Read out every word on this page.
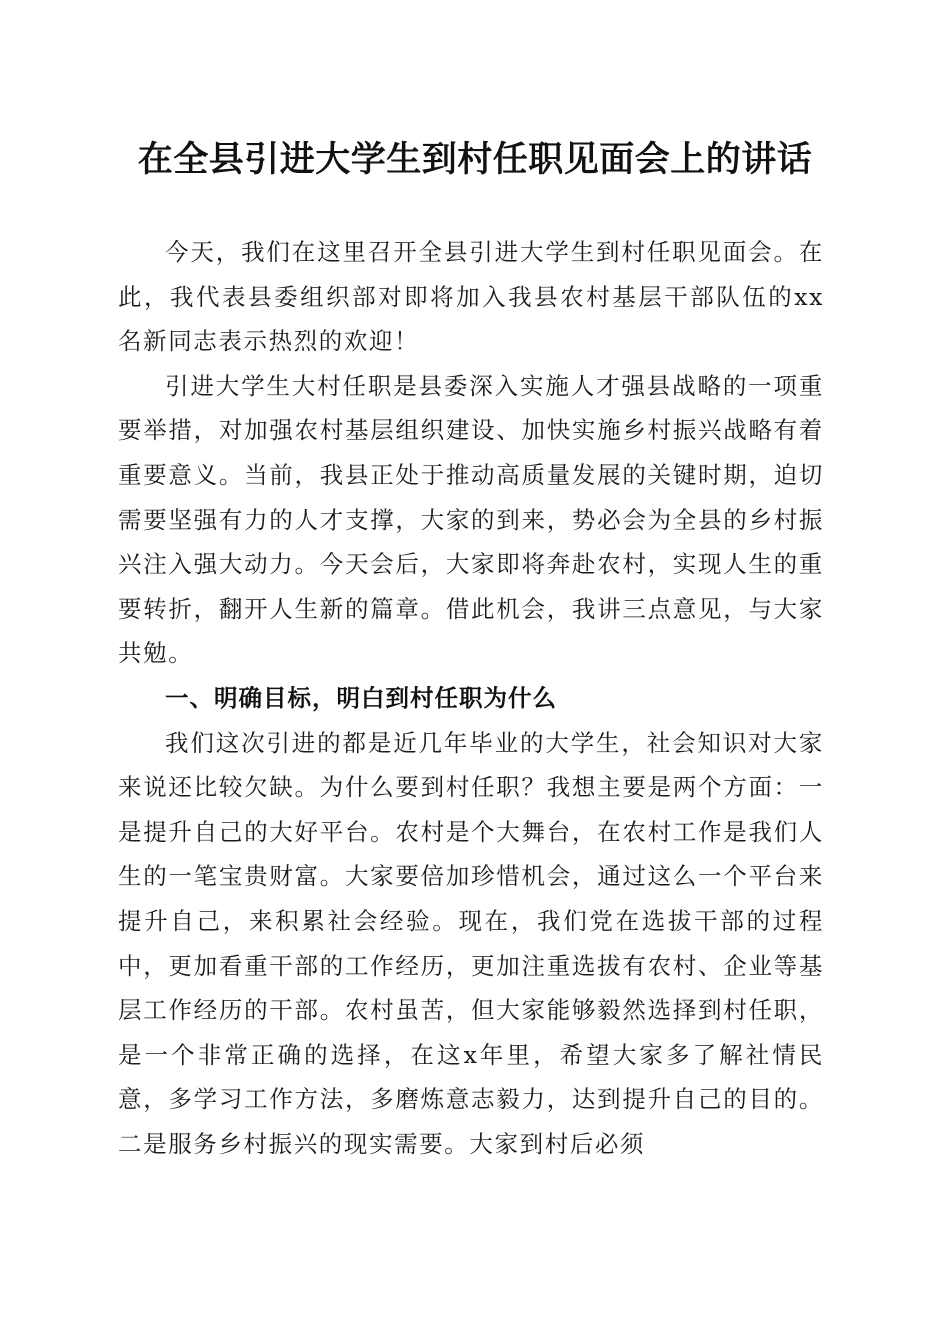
在全县引进大学生到村任职见面会上的讲话

今天，我们在这里召开全县引进大学生到村任职见面会。在此，我代表县委组织部对即将加入我县农村基层干部队伍的xx名新同志表示热烈的欢迎！

引进大学生大村任职是县委深入实施人才强县战略的一项重要举措，对加强农村基层组织建设、加快实施乡村振兴战略有着重要意义。当前，我县正处于推动高质量发展的关键时期，迫切需要坚强有力的人才支撑，大家的到来，势必会为全县的乡村振兴注入强大动力。今天会后，大家即将奔赴农村，实现人生的重要转折，翻开人生新的篇章。借此机会，我讲三点意见，与大家共勉。

一、明确目标，明白到村任职为什么

我们这次引进的都是近几年毕业的大学生，社会知识对大家来说还比较欠缺。为什么要到村任职？我想主要是两个方面：一是提升自己的大好平台。农村是个大舞台，在农村工作是我们人生的一笔宝贵财富。大家要倍加珍惜机会，通过这么一个平台来提升自己，来积累社会经验。现在，我们党在选拔干部的过程中，更加看重干部的工作经历，更加注重选拔有农村、企业等基层工作经历的干部。农村虽苦，但大家能够毅然选择到村任职，是一个非常正确的选择，在这x年里，希望大家多了解社情民意，多学习工作方法，多磨炼意志毅力，达到提升自己的目的。二是服务乡村振兴的现实需要。大家到村后必须
